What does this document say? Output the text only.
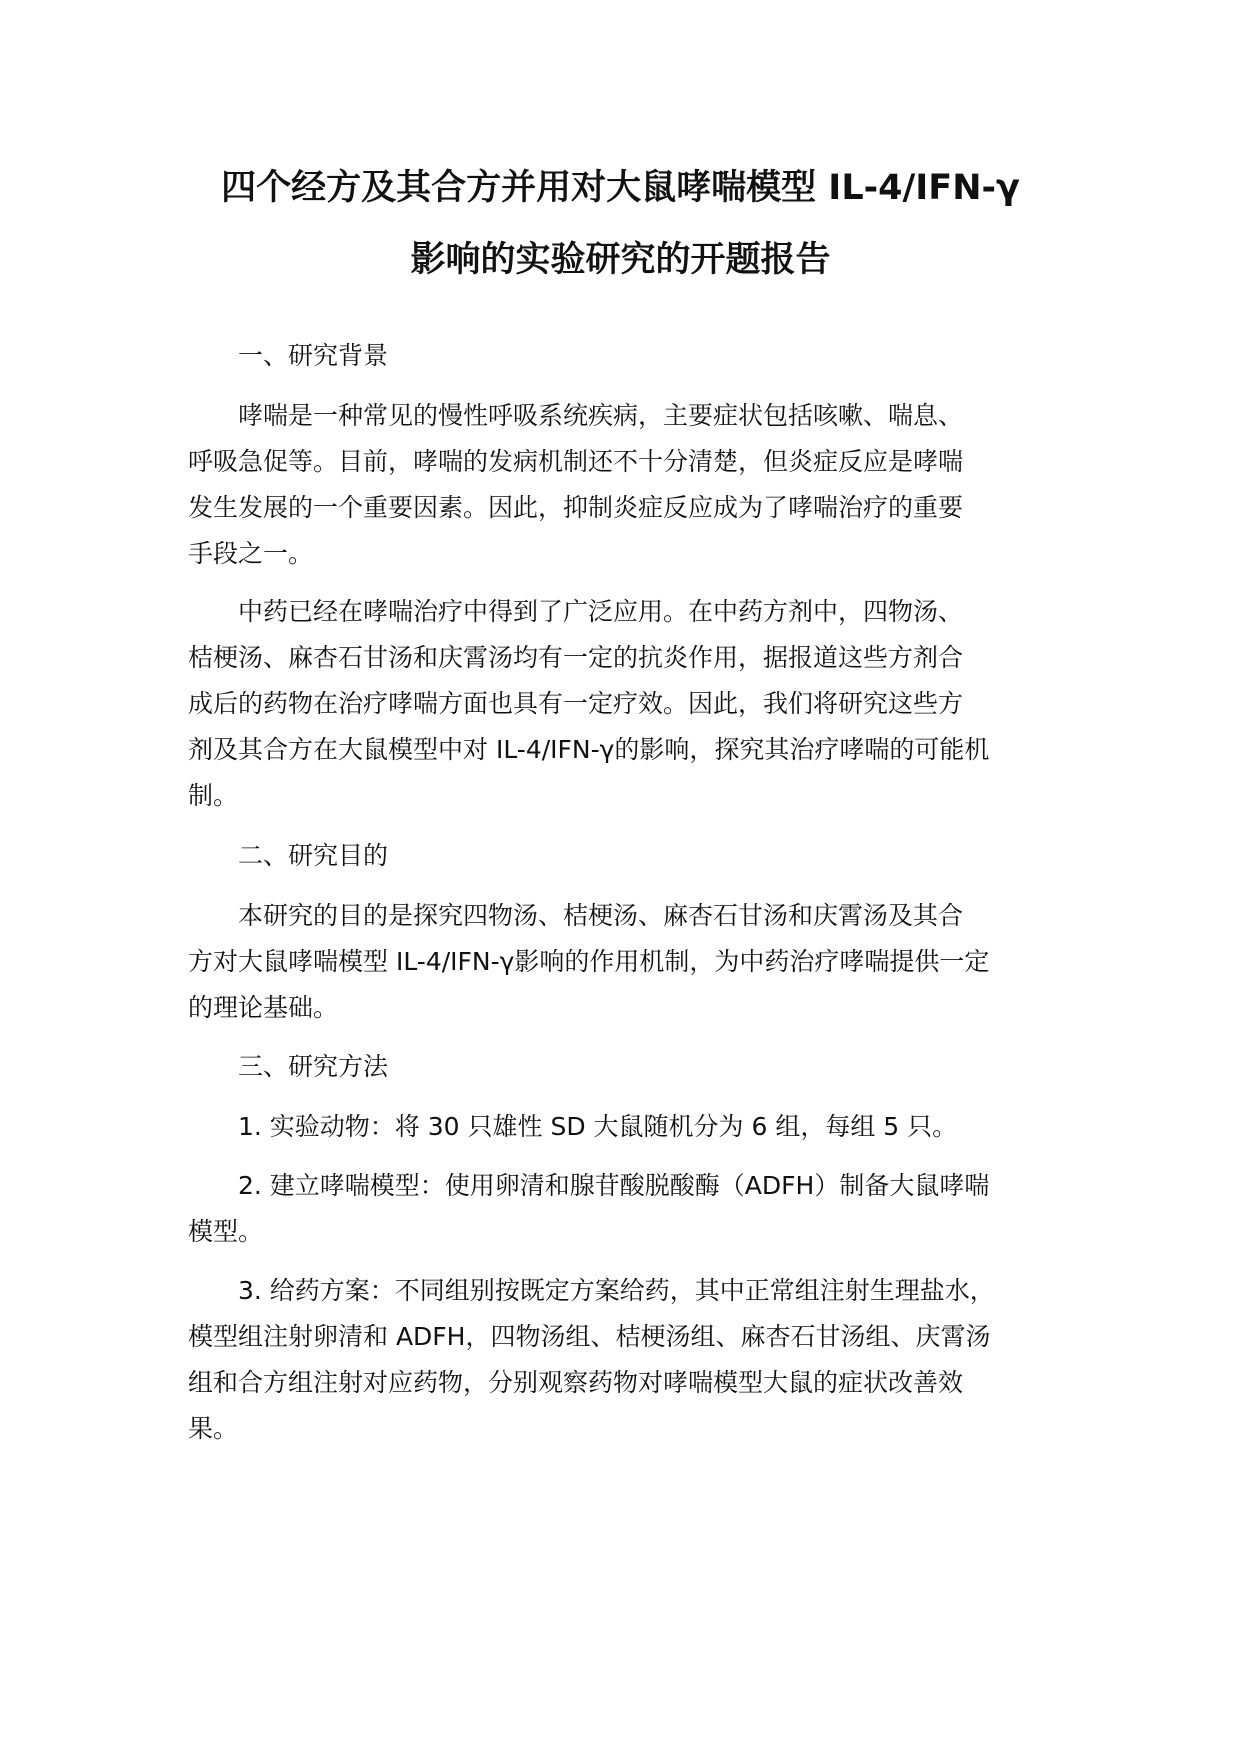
四个经方及其合方并用对大鼠哮喘模型 IL-4/IFN-γ
影响的实验研究的开题报告
　　一、研究背景
　　哮喘是一种常见的慢性呼吸系统疾病，主要症状包括咳嗽、喘息、
呼吸急促等。目前，哮喘的发病机制还不十分清楚，但炎症反应是哮喘
发生发展的一个重要因素。因此，抑制炎症反应成为了哮喘治疗的重要
手段之一。
　　中药已经在哮喘治疗中得到了广泛应用。在中药方剂中，四物汤、
桔梗汤、麻杏石甘汤和庆霄汤均有一定的抗炎作用，据报道这些方剂合
成后的药物在治疗哮喘方面也具有一定疗效。因此，我们将研究这些方
剂及其合方在大鼠模型中对 IL-4/IFN-γ的影响，探究其治疗哮喘的可能机
制。
　　二、研究目的
　　本研究的目的是探究四物汤、桔梗汤、麻杏石甘汤和庆霄汤及其合
方对大鼠哮喘模型 IL-4/IFN-γ影响的作用机制，为中药治疗哮喘提供一定
的理论基础。
　　三、研究方法
　　1. 实验动物：将 30 只雄性 SD 大鼠随机分为 6 组，每组 5 只。
　　2. 建立哮喘模型：使用卵清和腺苷酸脱酸酶（ADFH）制备大鼠哮喘
模型。
　　3. 给药方案：不同组别按既定方案给药，其中正常组注射生理盐水，
模型组注射卵清和 ADFH，四物汤组、桔梗汤组、麻杏石甘汤组、庆霄汤
组和合方组注射对应药物，分别观察药物对哮喘模型大鼠的症状改善效
果。
